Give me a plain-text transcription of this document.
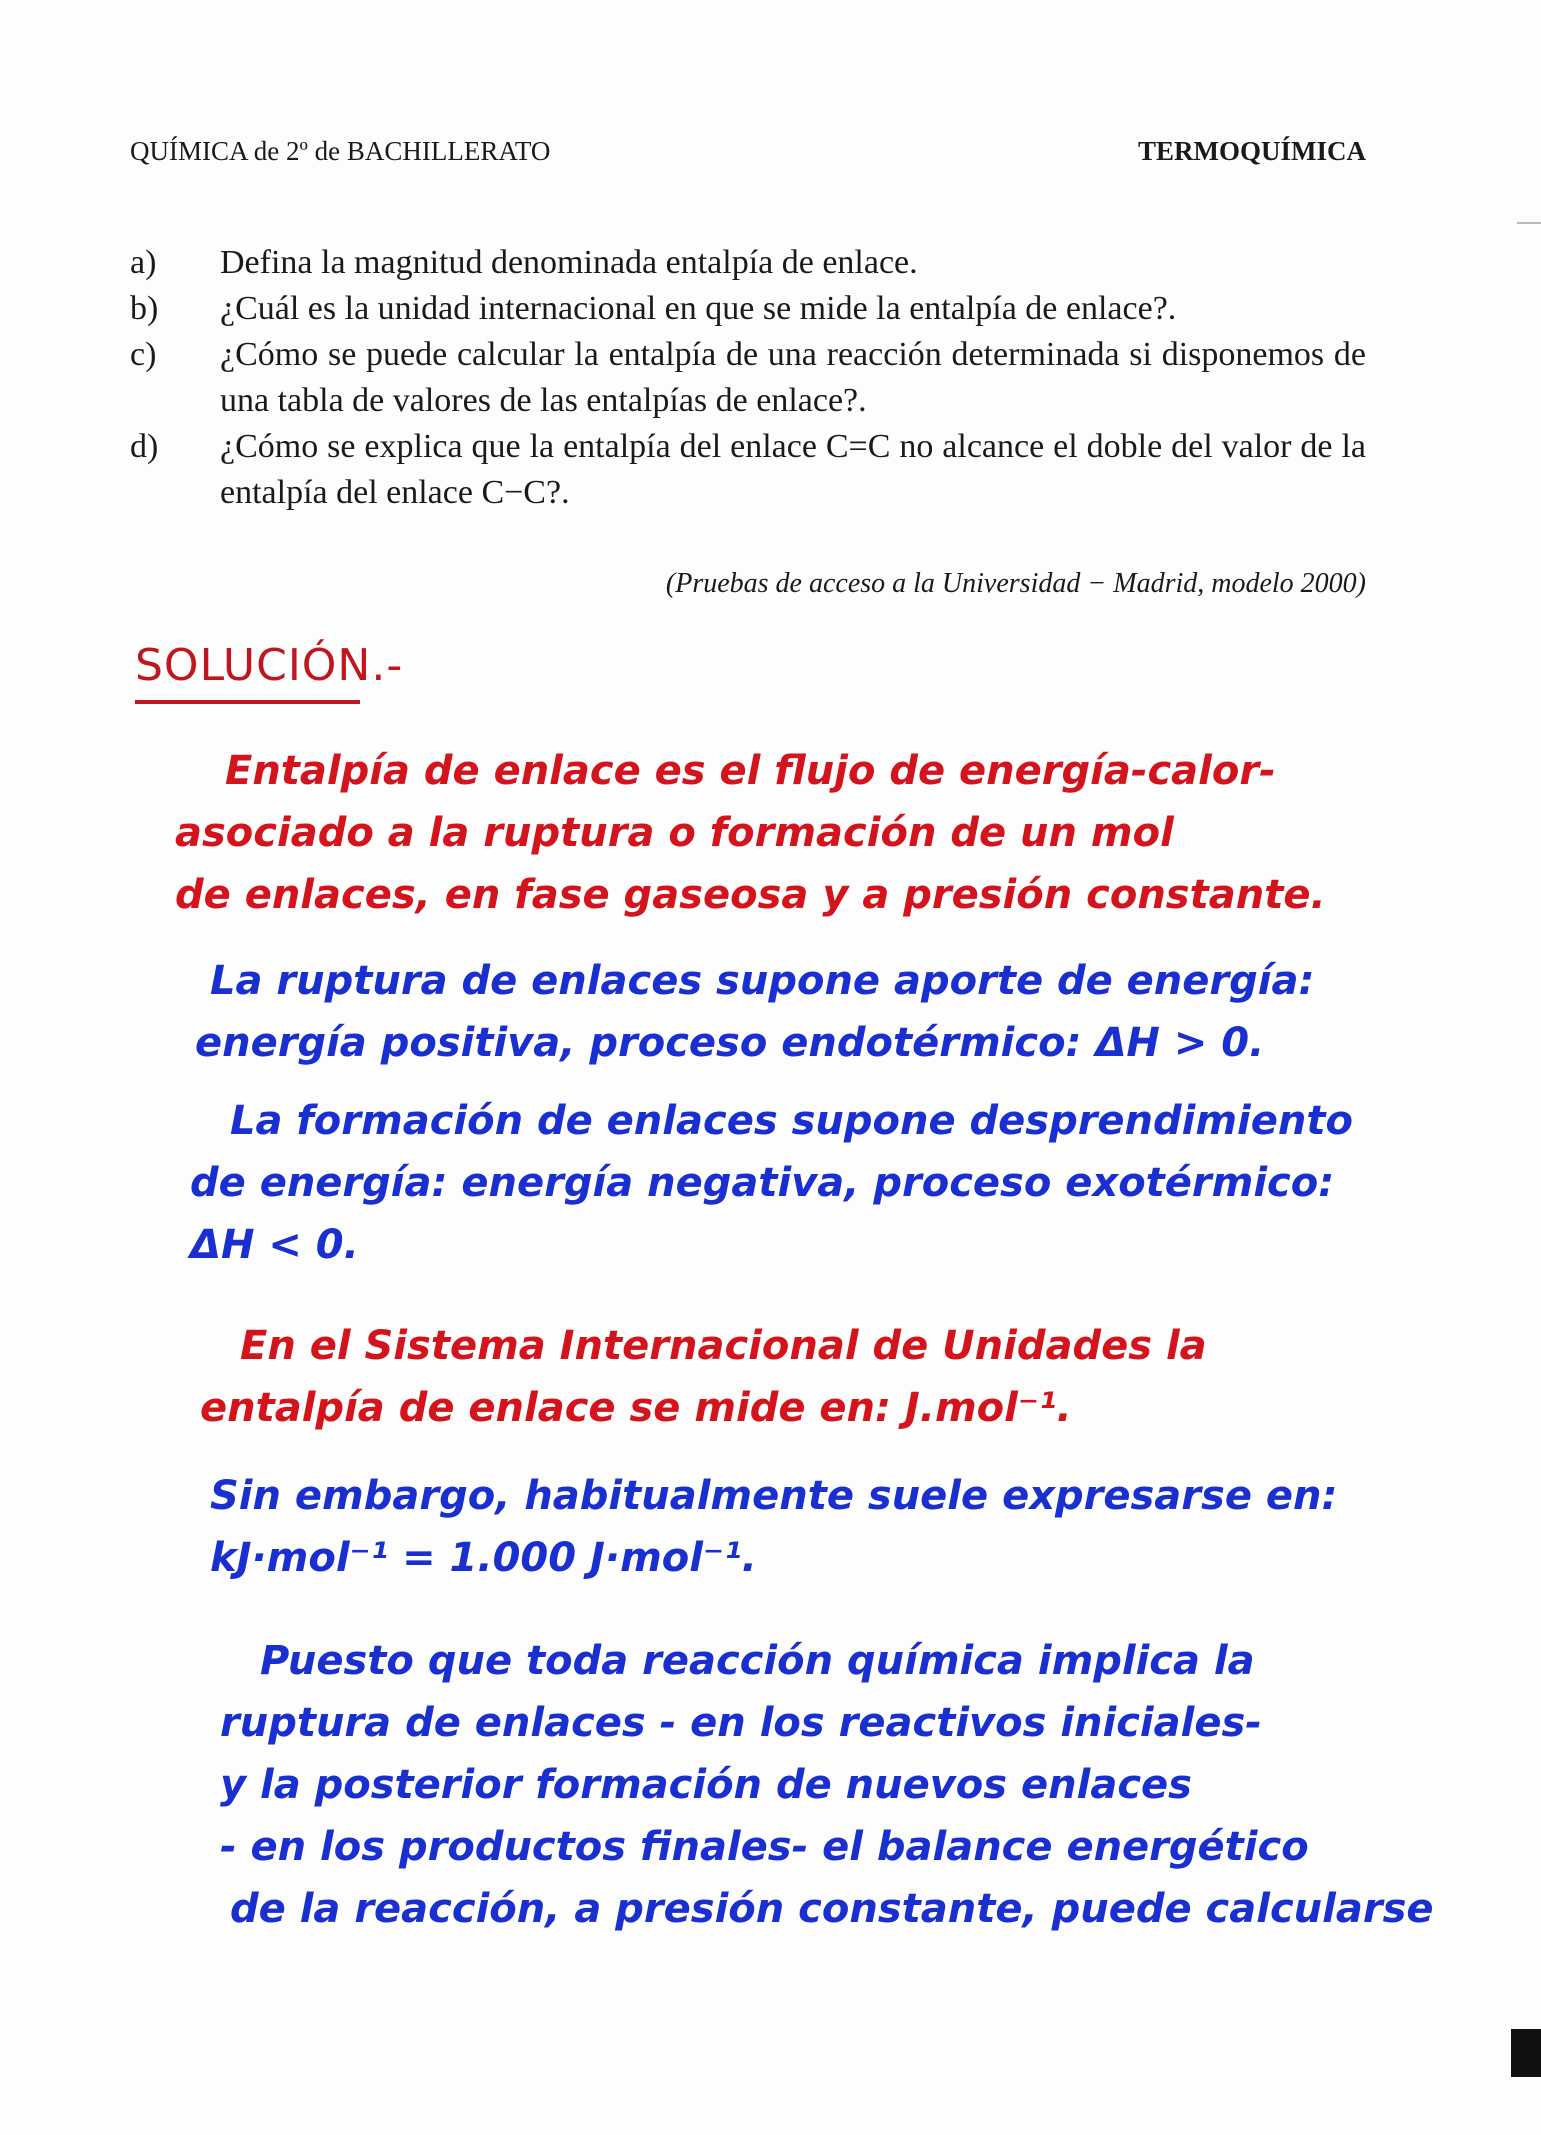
QUÍMICA de 2º de BACHILLERATO	TERMOQUÍMICA
a)	Defina la magnitud denominada entalpía de enlace.
b)	¿Cuál es la unidad internacional en que se mide la entalpía de enlace?.
c)	¿Cómo se puede calcular la entalpía de una reacción determinada si disponemos de una tabla de valores de las entalpías de enlace?.
d)	¿Cómo se explica que la entalpía del enlace C=C no alcance el doble del valor de la entalpía del enlace C−C?.
(Pruebas de acceso a la Universidad − Madrid, modelo 2000)
SOLUCIÓN.-
Entalpía de enlace es el flujo de energía-calor-
asociado a la ruptura o formación de un mol
de enlaces, en fase gaseosa y a presión constante.
La ruptura de enlaces supone aporte de energía:
energía positiva, proceso endotérmico: ΔH > 0.
La formación de enlaces supone desprendimiento
de energía: energía negativa, proceso exotérmico:
ΔH < 0.
En el Sistema Internacional de Unidades la
entalpía de enlace se mide en: J.mol⁻¹.
Sin embargo, habitualmente suele expresarse en:
kJ·mol⁻¹ = 1.000 J·mol⁻¹.
Puesto que toda reacción química implica la
ruptura de enlaces - en los reactivos iniciales-
y la posterior formación de nuevos enlaces
- en los productos finales- el balance energético
de la reacción, a presión constante, puede calcularse
